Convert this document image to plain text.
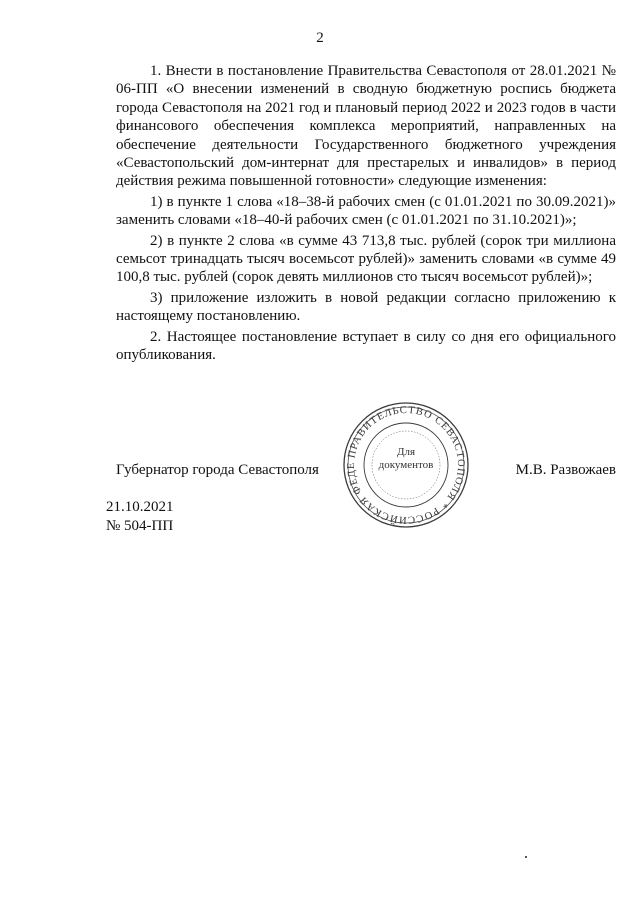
2

1. Внести в постановление Правительства Севастополя от 28.01.2021 № 06-ПП «О внесении изменений в сводную бюджетную роспись бюджета города Севастополя на 2021 год и плановый период 2022 и 2023 годов в части финансового обеспечения комплекса мероприятий, направленных на обеспечение деятельности Государственного бюджетного учреждения «Севастопольский дом-интернат для престарелых и инвалидов» в период действия режима повышенной готовности» следующие изменения:

1) в пункте 1 слова «18–38-й рабочих смен (с 01.01.2021 по 30.09.2021)» заменить словами «18–40-й рабочих смен (с 01.01.2021 по 31.10.2021)»;

2) в пункте 2 слова «в сумме 43 713,8 тыс. рублей (сорок три миллиона семьсот тринадцать тысяч восемьсот рублей)» заменить словами «в сумме 49 100,8 тыс. рублей (сорок девять миллионов сто тысяч восемьсот рублей)»;

3) приложение изложить в новой редакции согласно приложению к настоящему постановлению.

2. Настоящее постановление вступает в силу со дня его официального опубликования.

ПРАВИТЕЛЬСТВО СЕВАСТОПОЛЯ * РОССИЙСКАЯ ФЕДЕ
Для
документов
Губернатор города Севастополя	М.В. Развожаев
21.10.2021
№ 504-ПП
